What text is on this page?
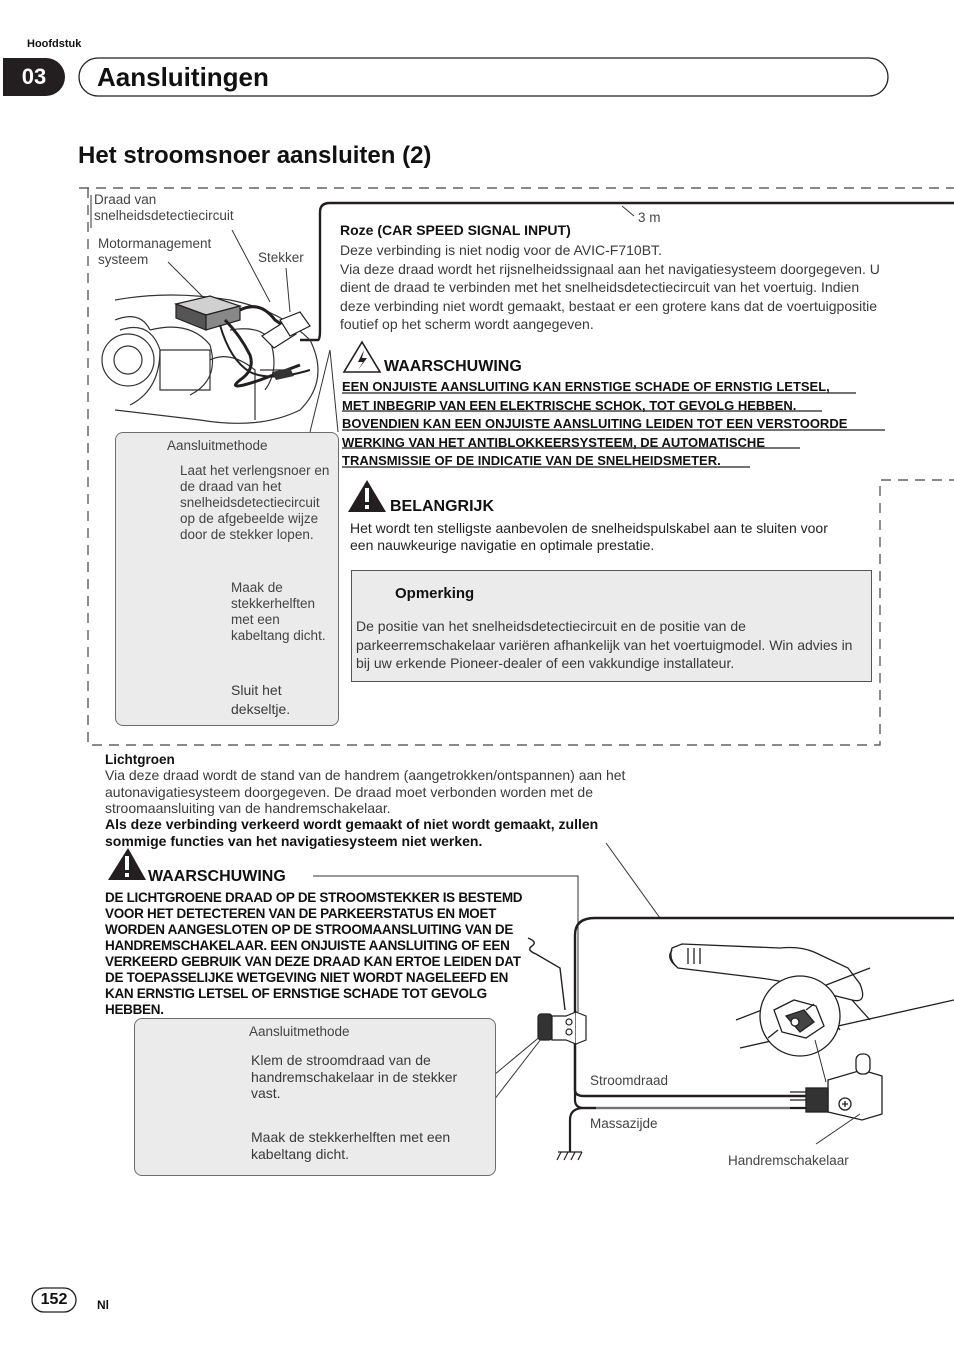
Hoofdstuk
03 Aansluitingen
Het stroomsnoer aansluiten (2)
Draad van snelheidsdetectiecircuit
Motormanagement systeem	Stekker
3 m
Aansluitmethode
Laat het verlengsnoer en de draad van het snelheidsdetectiecircuit op de afgebeelde wijze door de stekker lopen.
Maak de stekkerhelften met een kabeltang dicht.
Sluit het dekseltje.
Roze (CAR SPEED SIGNAL INPUT)
Deze verbinding is niet nodig voor de AVIC-F710BT.
Via deze draad wordt het rijsnelheidssignaal aan het navigatiesysteem doorgegeven. U dient de draad te verbinden met het snelheidsdetectiecircuit van het voertuig. Indien deze verbinding niet wordt gemaakt, bestaat er een grotere kans dat de voertuigpositie foutief op het scherm wordt aangegeven.
WAARSCHUWING
EEN ONJUISTE AANSLUITING KAN ERNSTIGE SCHADE OF ERNSTIG LETSEL,
MET INBEGRIP VAN EEN ELEKTRISCHE SCHOK, TOT GEVOLG HEBBEN.
BOVENDIEN KAN EEN ONJUISTE AANSLUITING LEIDEN TOT EEN VERSTOORDE
WERKING VAN HET ANTIBLOKKEERSYSTEEM, DE AUTOMATISCHE
TRANSMISSIE OF DE INDICATIE VAN DE SNELHEIDSMETER.
BELANGRIJK
Het wordt ten stelligste aanbevolen de snelheidspulskabel aan te sluiten voor een nauwkeurige navigatie en optimale prestatie.
Opmerking
De positie van het snelheidsdetectiecircuit en de positie van de parkeerremschakelaar variëren afhankelijk van het voertuigmodel. Win advies in bij uw erkende Pioneer-dealer of een vakkundige installateur.
Lichtgroen
Via deze draad wordt de stand van de handrem (aangetrokken/ontspannen) aan het autonavigatiesysteem doorgegeven. De draad moet verbonden worden met de stroomaansluiting van de handremschakelaar.
Als deze verbinding verkeerd wordt gemaakt of niet wordt gemaakt, zullen sommige functies van het navigatiesysteem niet werken.
WAARSCHUWING
DE LICHTGROENE DRAAD OP DE STROOMSTEKKER IS BESTEMD VOOR HET DETECTEREN VAN DE PARKEERSTATUS EN MOET WORDEN AANGESLOTEN OP DE STROOMAANSLUITING VAN DE HANDREMSCHAKELAAR. EEN ONJUISTE AANSLUITING OF EEN VERKEERD GEBRUIK VAN DEZE DRAAD KAN ERTOE LEIDEN DAT DE TOEPASSELIJKE WETGEVING NIET WORDT NAGELEEFD EN KAN ERNSTIG LETSEL OF ERNSTIGE SCHADE TOT GEVOLG HEBBEN.
Aansluitmethode
Klem de stroomdraad van de handremschakelaar in de stekker vast.
Maak de stekkerhelften met een kabeltang dicht.
Stroomdraad
Massazijde
Handremschakelaar
152	Nl
